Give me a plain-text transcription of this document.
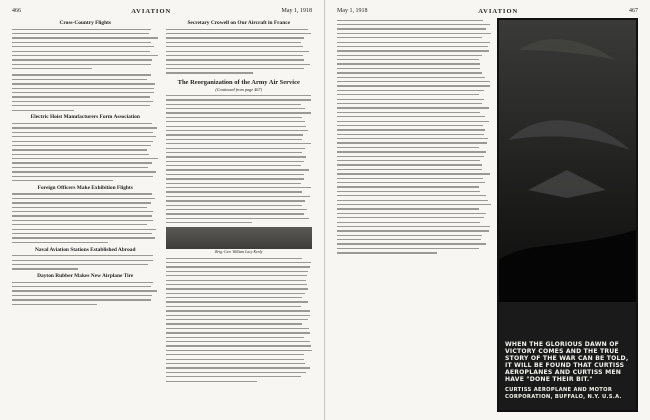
466	AVIATION	May 1, 1918
Cross-Country Flights
Electric Hoist Manufacturers Form Association
Foreign Officers Make Exhibition Flights
Naval Aviation Stations Established Abroad
Dayton Rubber Makes New Airplane Tire
Secretary Crowell on Our Aircraft in France
The Reorganization of the Army Air Service
(Continued from page 467)
Brig.-Gen. William Lacy Kenly
May 1, 1918	AVIATION	467
WHEN THE GLORIOUS DAWN OF VICTORY COMES AND THE TRUE
STORY OF THE WAR CAN BE TOLD, IT WILL BE FOUND THAT CURTISS
AEROPLANES AND CURTISS MEN HAVE "DONE THEIR BIT."
CURTISS AEROPLANE AND MOTOR CORPORATION, BUFFALO, N.Y. U.S.A.
